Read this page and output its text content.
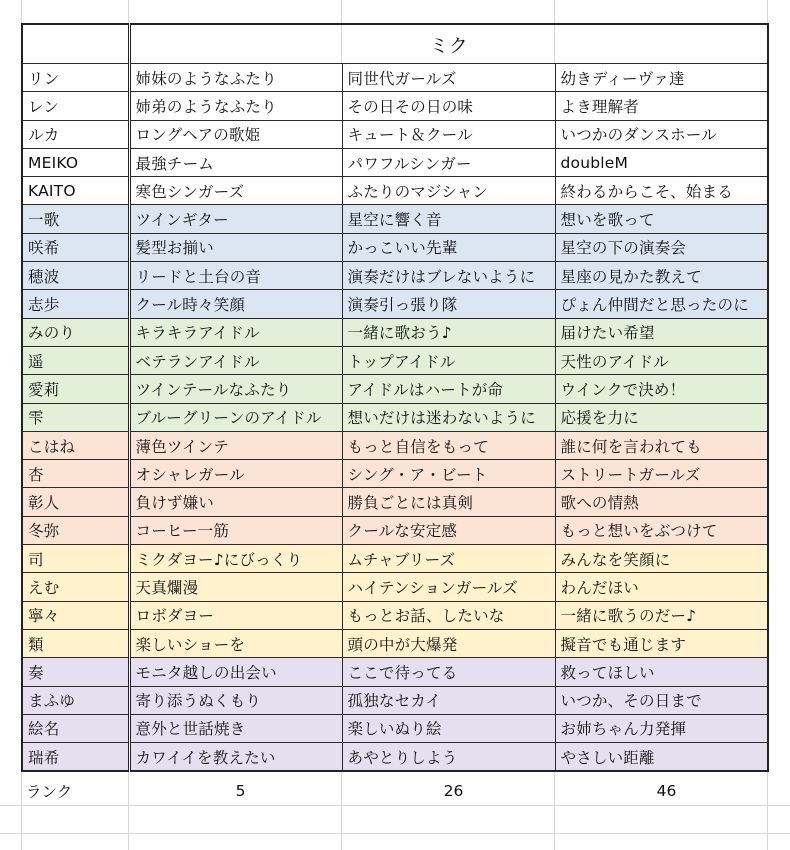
	ミク		
リン	姉妹のようなふたり	同世代ガールズ	幼きディーヴァ達
レン	姉弟のようなふたり	その日その日の味	よき理解者
ルカ	ロングヘアの歌姫	キュート＆クール	いつかのダンスホール
MEIKO	最強チーム	パワフルシンガー	doubleM
KAITO	寒色シンガーズ	ふたりのマジシャン	終わるからこそ、始まる
一歌	ツインギター	星空に響く音	想いを歌って
咲希	髪型お揃い	かっこいい先輩	星空の下の演奏会
穂波	リードと土台の音	演奏だけはブレないように	星座の見かた教えて
志歩	クール時々笑顔	演奏引っ張り隊	ぴょん仲間だと思ったのに
みのり	キラキラアイドル	一緒に歌おう♪	届けたい希望
遥	ベテランアイドル	トップアイドル	天性のアイドル
愛莉	ツインテールなふたり	アイドルはハートが命	ウインクで決め！
雫	ブルーグリーンのアイドル	想いだけは迷わないように	応援を力に
こはね	薄色ツインテ	もっと自信をもって	誰に何を言われても
杏	オシャレガール	シング・ア・ビート	ストリートガールズ
彰人	負けず嫌い	勝負ごとには真剣	歌への情熱
冬弥	コーヒー一筋	クールな安定感	もっと想いをぶつけて
司	ミクダヨー♪にびっくり	ムチャブリーズ	みんなを笑顔に
えむ	天真爛漫	ハイテンションガールズ	わんだほい
寧々	ロボダヨー	もっとお話、したいな	一緒に歌うのだー♪
類	楽しいショーを	頭の中が大爆発	擬音でも通じます
奏	モニタ越しの出会い	ここで待ってる	救ってほしい
まふゆ	寄り添うぬくもり	孤独なセカイ	いつか、その日まで
絵名	意外と世話焼き	楽しいぬり絵	お姉ちゃん力発揮
瑞希	カワイイを教えたい	あやとりしよう	やさしい距離
ランク	5	26	46
